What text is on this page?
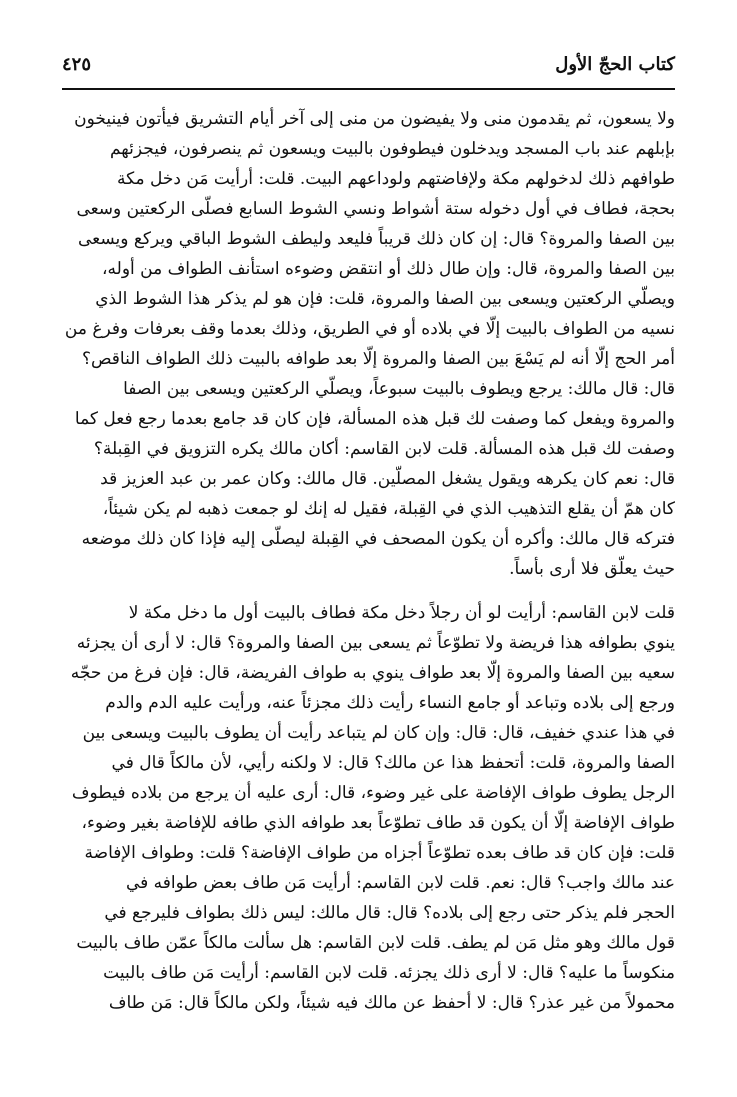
كتاب الحجّ الأول
٤٢٥
ولا يسعون، ثم يقدمون منى ولا يفيضون من منى إلى آخر أيام التشريق فيأتون فينيخون
بإبلهم عند باب المسجد ويدخلون فيطوفون بالبيت ويسعون ثم ينصرفون، فيجزئهم
طوافهم ذلك لدخولهم مكة ولإفاضتهم ولوداعهم البيت. قلت: أرأيت مَن دخل مكة
بحجة، فطاف في أول دخوله ستة أشواط ونسي الشوط السابع فصلّى الركعتين وسعى
بين الصفا والمروة؟ قال: إن كان ذلك قريباً فليعد وليطف الشوط الباقي ويركع ويسعى
بين الصفا والمروة، قال: وإن طال ذلك أو انتقض وضوءه استأنف الطواف من أوله،
ويصلّي الركعتين ويسعى بين الصفا والمروة، قلت: فإن هو لم يذكر هذا الشوط الذي
نسيه من الطواف بالبيت إلّا في بلاده أو في الطريق، وذلك بعدما وقف بعرفات وفرغ من
أمر الحج إلّا أنه لم يَسْعَ بين الصفا والمروة إلّا بعد طوافه بالبيت ذلك الطواف الناقص؟
قال: قال مالك: يرجع ويطوف بالبيت سبوعاً، ويصلّي الركعتين ويسعى بين الصفا
والمروة ويفعل كما وصفت لك قبل هذه المسألة، فإن كان قد جامع بعدما رجع فعل كما
وصفت لك قبل هذه المسألة. قلت لابن القاسم: أكان مالك يكره التزويق في القِبلة؟
قال: نعم كان يكرهه ويقول يشغل المصلّين. قال مالك: وكان عمر بن عبد العزيز قد
كان همّ أن يقلع التذهيب الذي في القِبلة، فقيل له إنك لو جمعت ذهبه لم يكن شيئاً،
فتركه قال مالك: وأكره أن يكون المصحف في القِبلة ليصلّى إليه فإذا كان ذلك موضعه
حيث يعلّق فلا أرى بأساً.
قلت لابن القاسم: أرأيت لو أن رجلاً دخل مكة فطاف بالبيت أول ما دخل مكة لا
ينوي بطوافه هذا فريضة ولا تطوّعاً ثم يسعى بين الصفا والمروة؟ قال: لا أرى أن يجزئه
سعيه بين الصفا والمروة إلّا بعد طواف ينوي به طواف الفريضة، قال: فإن فرغ من حجّه
ورجع إلى بلاده وتباعد أو جامع النساء رأيت ذلك مجزئاً عنه، ورأيت عليه الدم والدم
في هذا عندي خفيف، قال: قال: وإن كان لم يتباعد رأيت أن يطوف بالبيت ويسعى بين
الصفا والمروة، قلت: أتحفظ هذا عن مالك؟ قال: لا ولكنه رأيي، لأن مالكاً قال في
الرجل يطوف طواف الإفاضة على غير وضوء، قال: أرى عليه أن يرجع من بلاده فيطوف
طواف الإفاضة إلّا أن يكون قد طاف تطوّعاً بعد طوافه الذي طافه للإفاضة بغير وضوء،
قلت: فإن كان قد طاف بعده تطوّعاً أجزاه من طواف الإفاضة؟ قلت: وطواف الإفاضة
عند مالك واجب؟ قال: نعم. قلت لابن القاسم: أرأيت مَن طاف بعض طوافه في
الحجر فلم يذكر حتى رجع إلى بلاده؟ قال: قال مالك: ليس ذلك بطواف فليرجع في
قول مالك وهو مثل مَن لم يطف. قلت لابن القاسم: هل سألت مالكاً عمّن طاف بالبيت
منكوساً ما عليه؟ قال: لا أرى ذلك يجزئه. قلت لابن القاسم: أرأيت مَن طاف بالبيت
محمولاً من غير عذر؟ قال: لا أحفظ عن مالك فيه شيئاً، ولكن مالكاً قال: مَن طاف
